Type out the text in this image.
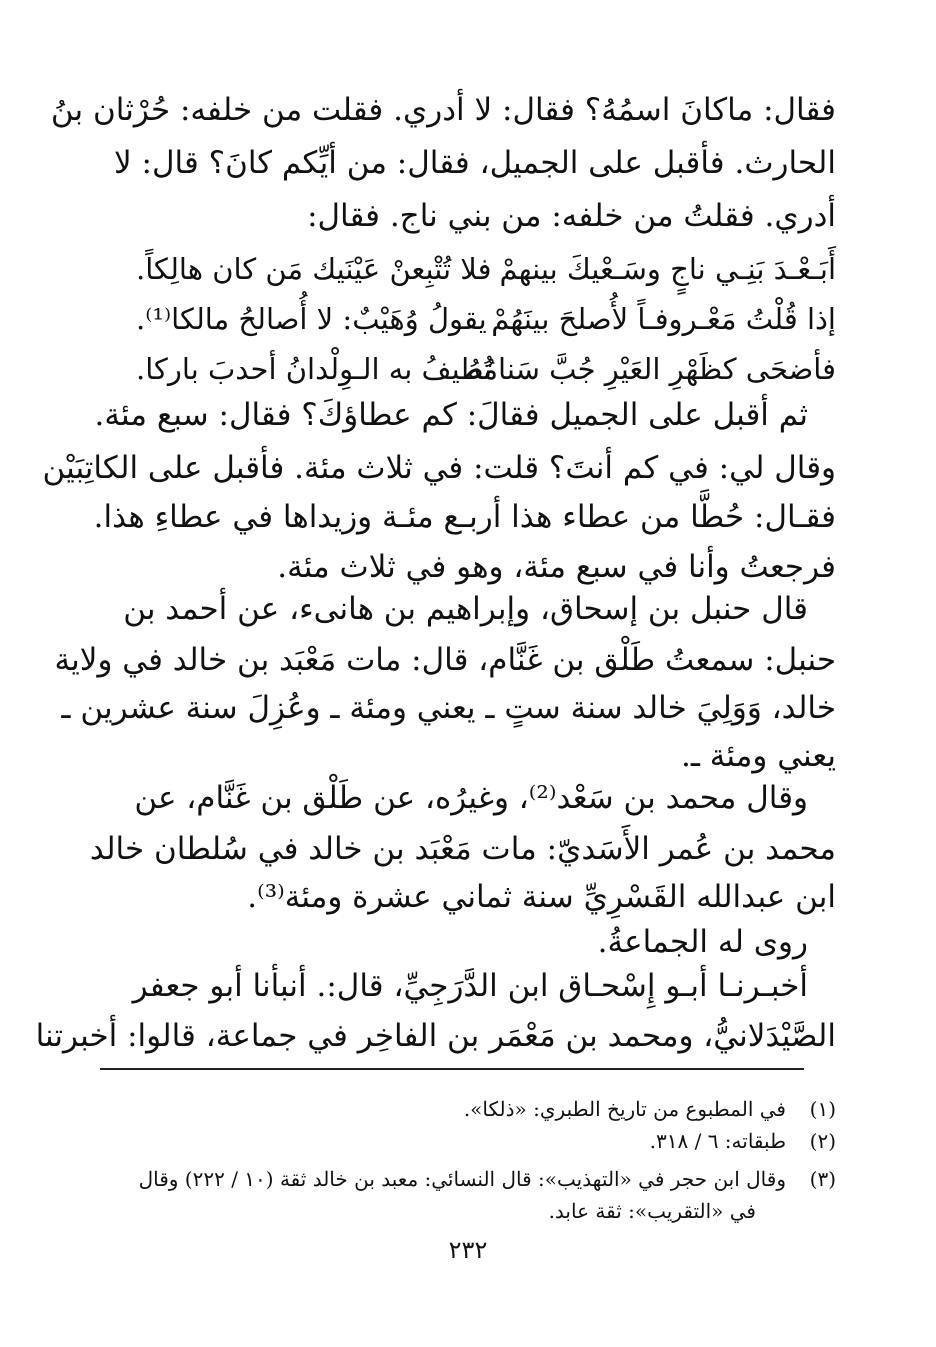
فقال: ماكانَ اسمُهُ؟ فقال: لا أدري. فقلت من خلفه: حُرْثان بنُ
الحارث. فأقبل على الجميل، فقال: من أيِّكم كانَ؟ قال: لا
أدري. فقلتُ من خلفه: من بني ناج. فقال:
أَبَـعْـدَ بَنِـي ناجٍ وسَـعْيكَ بينهمْ
فلا تُتْبِعنْ عَيْنَيك مَن كان هالِكاً.
إذا قُلْتُ مَعْـروفـاً لأُصلحَ بينَهُمْ
يقولُ وُهَيْبٌ: لا أُصالحُ مالكا⁽¹⁾.
فأضحَى كظَهْرِ العَيْرِ جُبَّ سَنامُهُ
تُطيفُ به الـوِلْدانُ أحدبَ باركا.
ثم أقبل على الجميل فقالَ: كم عطاؤكَ؟ فقال: سبع مئة.
وقال لي: في كم أنتَ؟ قلت: في ثلاث مئة. فأقبل على الكاتِبَيْن
فقـال: حُطَّا من عطاء هذا أربـع مئـة وزيداها في عطاءِ هذا.
فرجعتُ وأنا في سبع مئة، وهو في ثلاث مئة.
قال حنبل بن إسحاق، وإبراهيم بن هانىء، عن أحمد بن
حنبل: سمعتُ طَلْق بن غَنَّام، قال: مات مَعْبَد بن خالد في ولاية
خالد، وَوَلِيَ خالد سنة ستٍ ـ يعني ومئة ـ وعُزِلَ سنة عشرين ـ
يعني ومئة ـ.
وقال محمد بن سَعْد⁽²⁾، وغيرُه، عن طَلْق بن غَنَّام، عن
محمد بن عُمر الأَسَديّ: مات مَعْبَد بن خالد في سُلطان خالد
ابن عبدالله القَسْرِيِّ سنة ثماني عشرة ومئة⁽³⁾.
روى له الجماعةُ.
أخبـرنـا أبـو إِسْحـاق ابن الدَّرَجِيِّ، قال:. أنبأنا أبو جعفر
الصَّيْدَلانيُّ، ومحمد بن مَعْمَر بن الفاخِر في جماعة، قالوا: أخبرتنا
(١)في المطبوع من تاريخ الطبري: «ذلكا».
(٢)طبقاته: ٦ / ٣١٨.
(٣)وقال ابن حجر في «التهذيب»: قال النسائي: معبد بن خالد ثقة (١٠ / ٢٢٢) وقال
في «التقريب»: ثقة عابد.
٢٣٢
